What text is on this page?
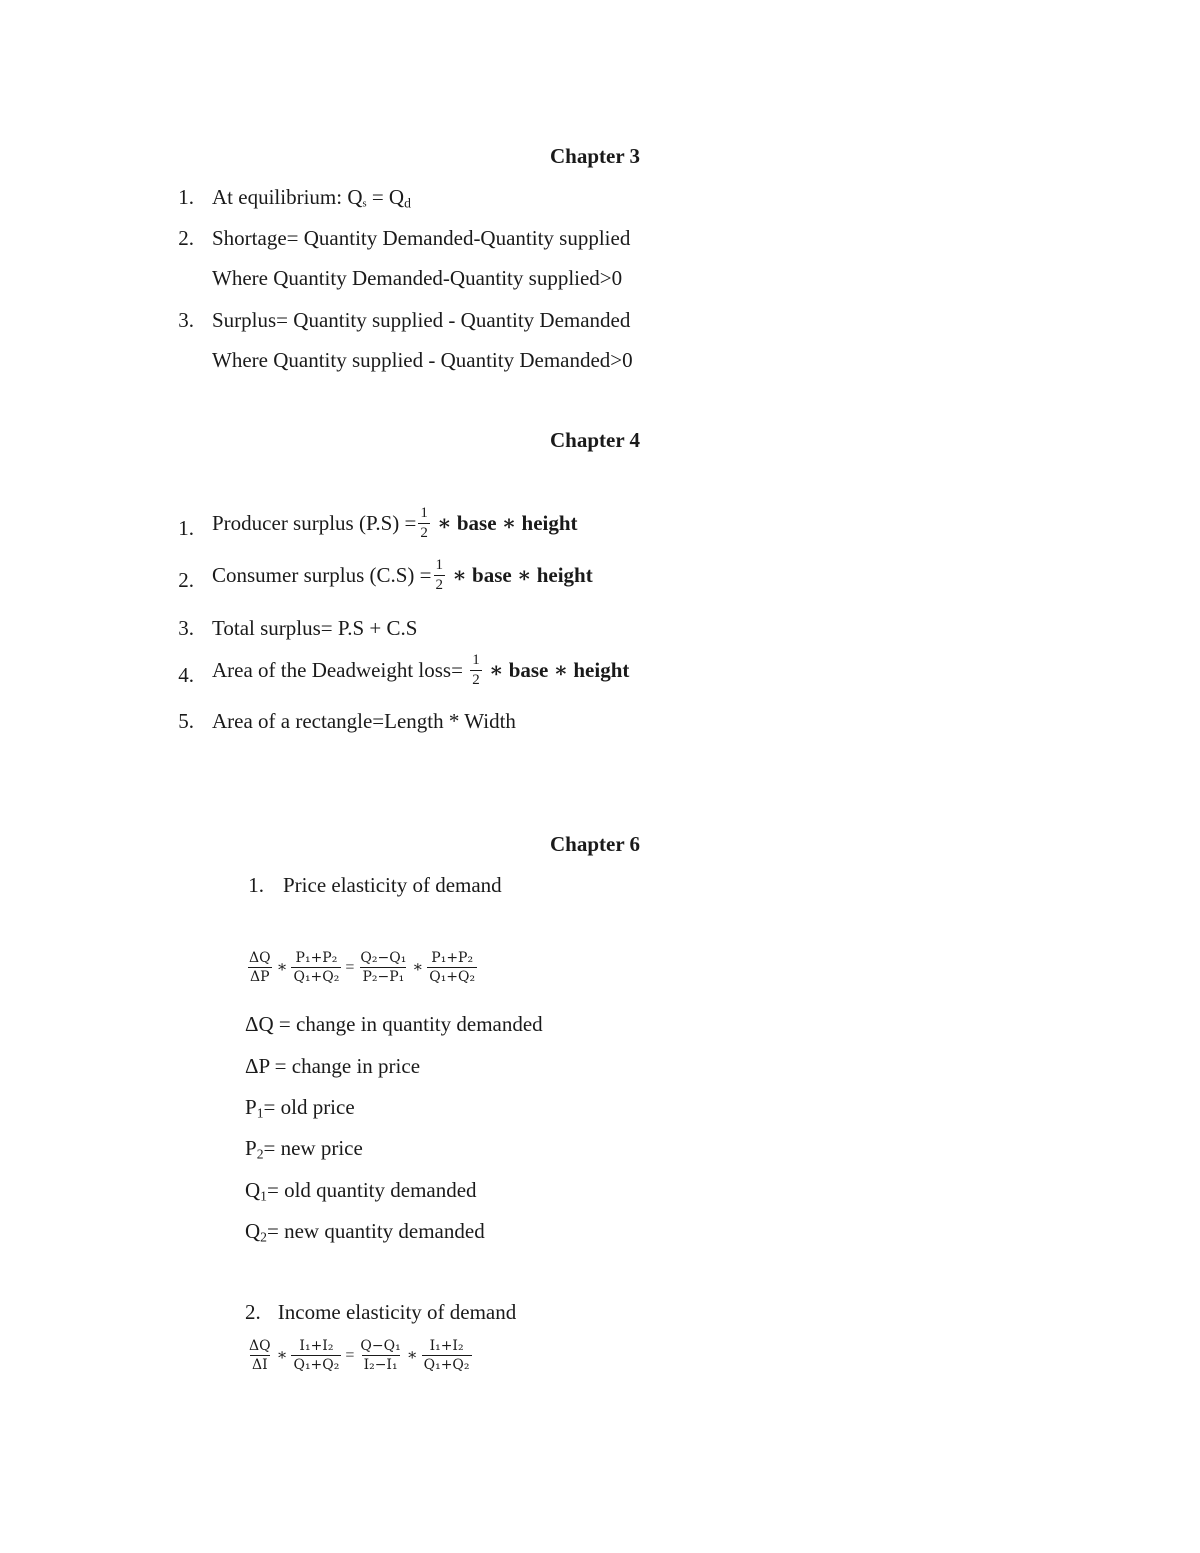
Chapter 3
1. At equilibrium: $Q_s = Q_d$
2. Shortage= Quantity Demanded-Quantity supplied
Where Quantity Demanded-Quantity supplied>0
3. Surplus= Quantity supplied - Quantity Demanded
Where Quantity supplied - Quantity Demanded>0
Chapter 4
1. Producer surplus $(P.S) = \frac{1}{2}$ ∗ base ∗ height
2. Consumer surplus $(C.S) = \frac{1}{2}$ ∗ base ∗ height
3. Total surplus= P.S + C.S
4. Area of the Deadweight loss= $\frac{1}{2}$ ∗ base ∗ height
5. Area of a rectangle=Length * Width
Chapter 6
1. Price elasticity of demand
$\frac{\Delta Q}{\Delta P}$ ∗ $\frac{\text{P₁+P₂}}{\text{Q₁+Q₂}} = \frac{\text{Q₂−Q₁}}{\text{P₂−P₁}}$ ∗ $\frac{\text{P₁+P₂}}{\text{Q₁+Q₂}}$
ΔQ = change in quantity demanded
ΔP = change in price
$P_1=$ old price
$P_2=$ new price
$Q_1=$ old quantity demanded
$Q_2=$ new quantity demanded
2. Income elasticity of demand
$\frac{\Delta Q}{\Delta I}$ ∗ $\frac{\text{I₁+I₂}}{\text{Q₁+Q₂}} = \frac{\text{Q−Q₁}}{\text{I₂−I₁}}$ ∗ $\frac{\text{I₁+I₂}}{\text{Q₁+Q₂}}$
